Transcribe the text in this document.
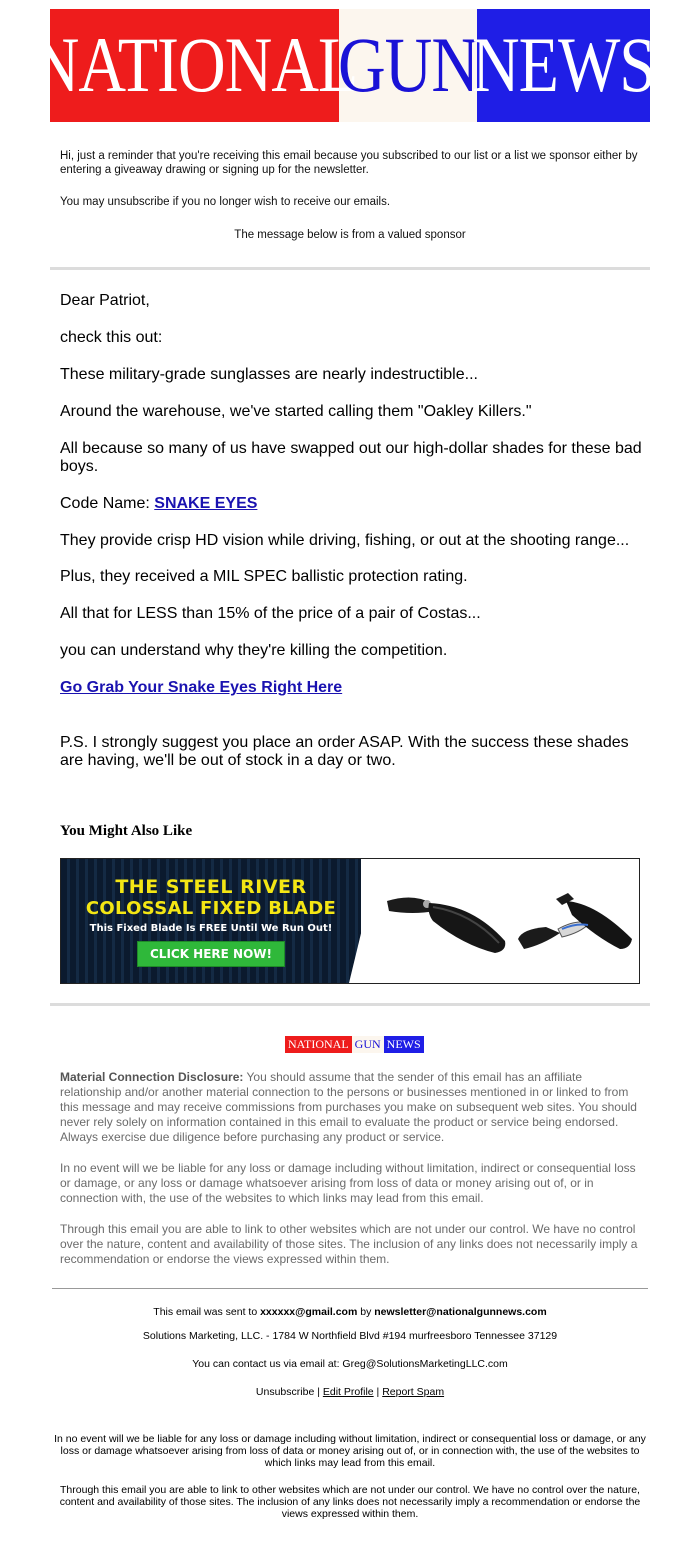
NATIONAL
GUN
NEWS
Hi, just a reminder that you're receiving this email because you subscribed to our list or a list we sponsor either by entering a giveaway drawing or signing up for the newsletter.
You may unsubscribe if you no longer wish to receive our emails.
The message below is from a valued sponsor
Dear Patriot,
check this out:
These military-grade sunglasses are nearly indestructible...
Around the warehouse, we've started calling them "Oakley Killers."
All because so many of us have swapped out our high-dollar shades for these bad boys.
Code Name: SNAKE EYES
They provide crisp HD vision while driving, fishing, or out at the shooting range...
Plus, they received a MIL SPEC ballistic protection rating.
All that for LESS than 15% of the price of a pair of Costas...
you can understand why they're killing the competition.
Go Grab Your Snake Eyes Right Here
P.S. I strongly suggest you place an order ASAP. With the success these shades are having, we'll be out of stock in a day or two.
You Might Also Like
THE STEEL RIVER
COLOSSAL FIXED BLADE
This Fixed Blade Is FREE Until We Run Out!
CLICK HERE NOW!
NATIONAL GUN NEWS
Material Connection Disclosure: You should assume that the sender of this email has an affiliate relationship and/or another material connection to the persons or businesses mentioned in or linked to from this message and may receive commissions from purchases you make on subsequent web sites. You should never rely solely on information contained in this email to evaluate the product or service being endorsed. Always exercise due diligence before purchasing any product or service.
In no event will we be liable for any loss or damage including without limitation, indirect or consequential loss or damage, or any loss or damage whatsoever arising from loss of data or money arising out of, or in connection with, the use of the websites to which links may lead from this email.
Through this email you are able to link to other websites which are not under our control. We have no control over the nature, content and availability of those sites. The inclusion of any links does not necessarily imply a recommendation or endorse the views expressed within them.
This email was sent to xxxxxx@gmail.com by newsletter@nationalgunnews.com
Solutions Marketing, LLC. - 1784 W Northfield Blvd #194 murfreesboro Tennessee 37129
You can contact us via email at: Greg@SolutionsMarketingLLC.com
Unsubscribe | Edit Profile | Report Spam
In no event will we be liable for any loss or damage including without limitation, indirect or consequential loss or damage, or any loss or damage whatsoever arising from loss of data or money arising out of, or in connection with, the use of the websites to which links may lead from this email.
Through this email you are able to link to other websites which are not under our control. We have no control over the nature, content and availability of those sites. The inclusion of any links does not necessarily imply a recommendation or endorse the views expressed within them.
